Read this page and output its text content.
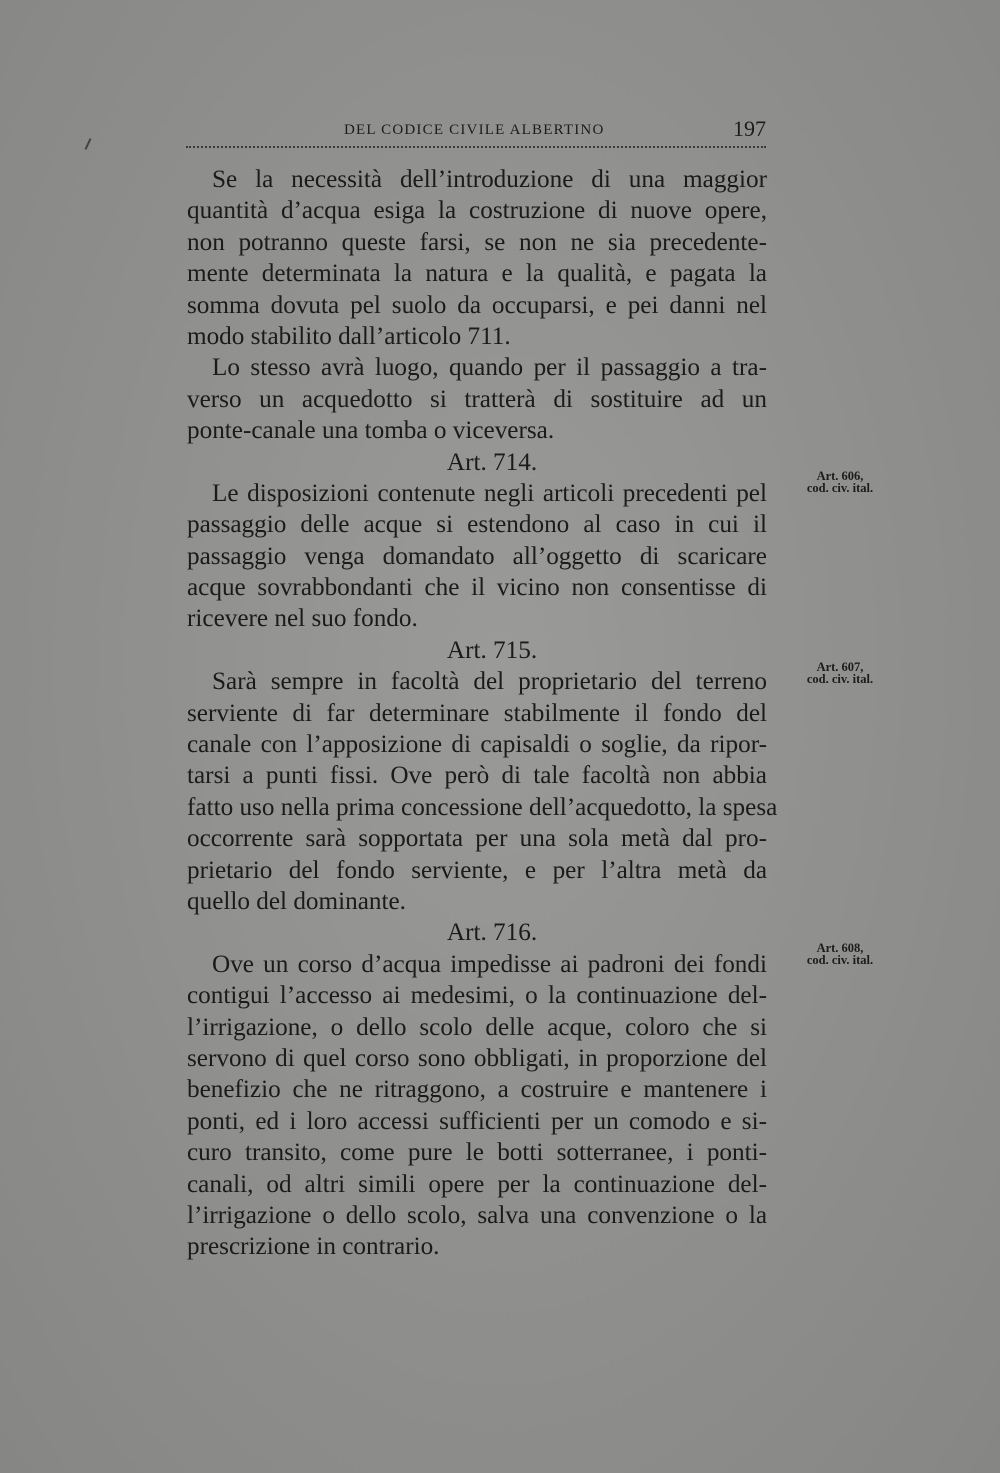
DEL CODICE CIVILE ALBERTINO	197
Se la necessità dell’introduzione di una maggior
quantità d’acqua esiga la costruzione di nuove opere,
non potranno queste farsi, se non ne sia precedente-
mente determinata la natura e la qualità, e pagata la
somma dovuta pel suolo da occuparsi, e pei danni nel
modo stabilito dall’articolo 711.
Lo stesso avrà luogo, quando per il passaggio a tra-
verso un acquedotto si tratterà di sostituire ad un
ponte-canale una tomba o viceversa.
Art. 714.
Le disposizioni contenute negli articoli precedenti pel
passaggio delle acque si estendono al caso in cui il
passaggio venga domandato all’oggetto di scaricare
acque sovrabbondanti che il vicino non consentisse di
ricevere nel suo fondo.
Art. 715.
Sarà sempre in facoltà del proprietario del terreno
serviente di far determinare stabilmente il fondo del
canale con l’apposizione di capisaldi o soglie, da ripor-
tarsi a punti fissi. Ove però di tale facoltà non abbia
fatto uso nella prima concessione dell’acquedotto, la spesa
occorrente sarà sopportata per una sola metà dal pro-
prietario del fondo serviente, e per l’altra metà da
quello del dominante.
Art. 716.
Ove un corso d’acqua impedisse ai padroni dei fondi
contigui l’accesso ai medesimi, o la continuazione del-
l’irrigazione, o dello scolo delle acque, coloro che si
servono di quel corso sono obbligati, in proporzione del
benefizio che ne ritraggono, a costruire e mantenere i
ponti, ed i loro accessi sufficienti per un comodo e si-
curo transito, come pure le botti sotterranee, i ponti-
canali, od altri simili opere per la continuazione del-
l’irrigazione o dello scolo, salva una convenzione o la
prescrizione in contrario.
Art. 606,
cod. civ. ital.
Art. 607,
cod. civ. ital.
Art. 608,
cod. civ. ital.
